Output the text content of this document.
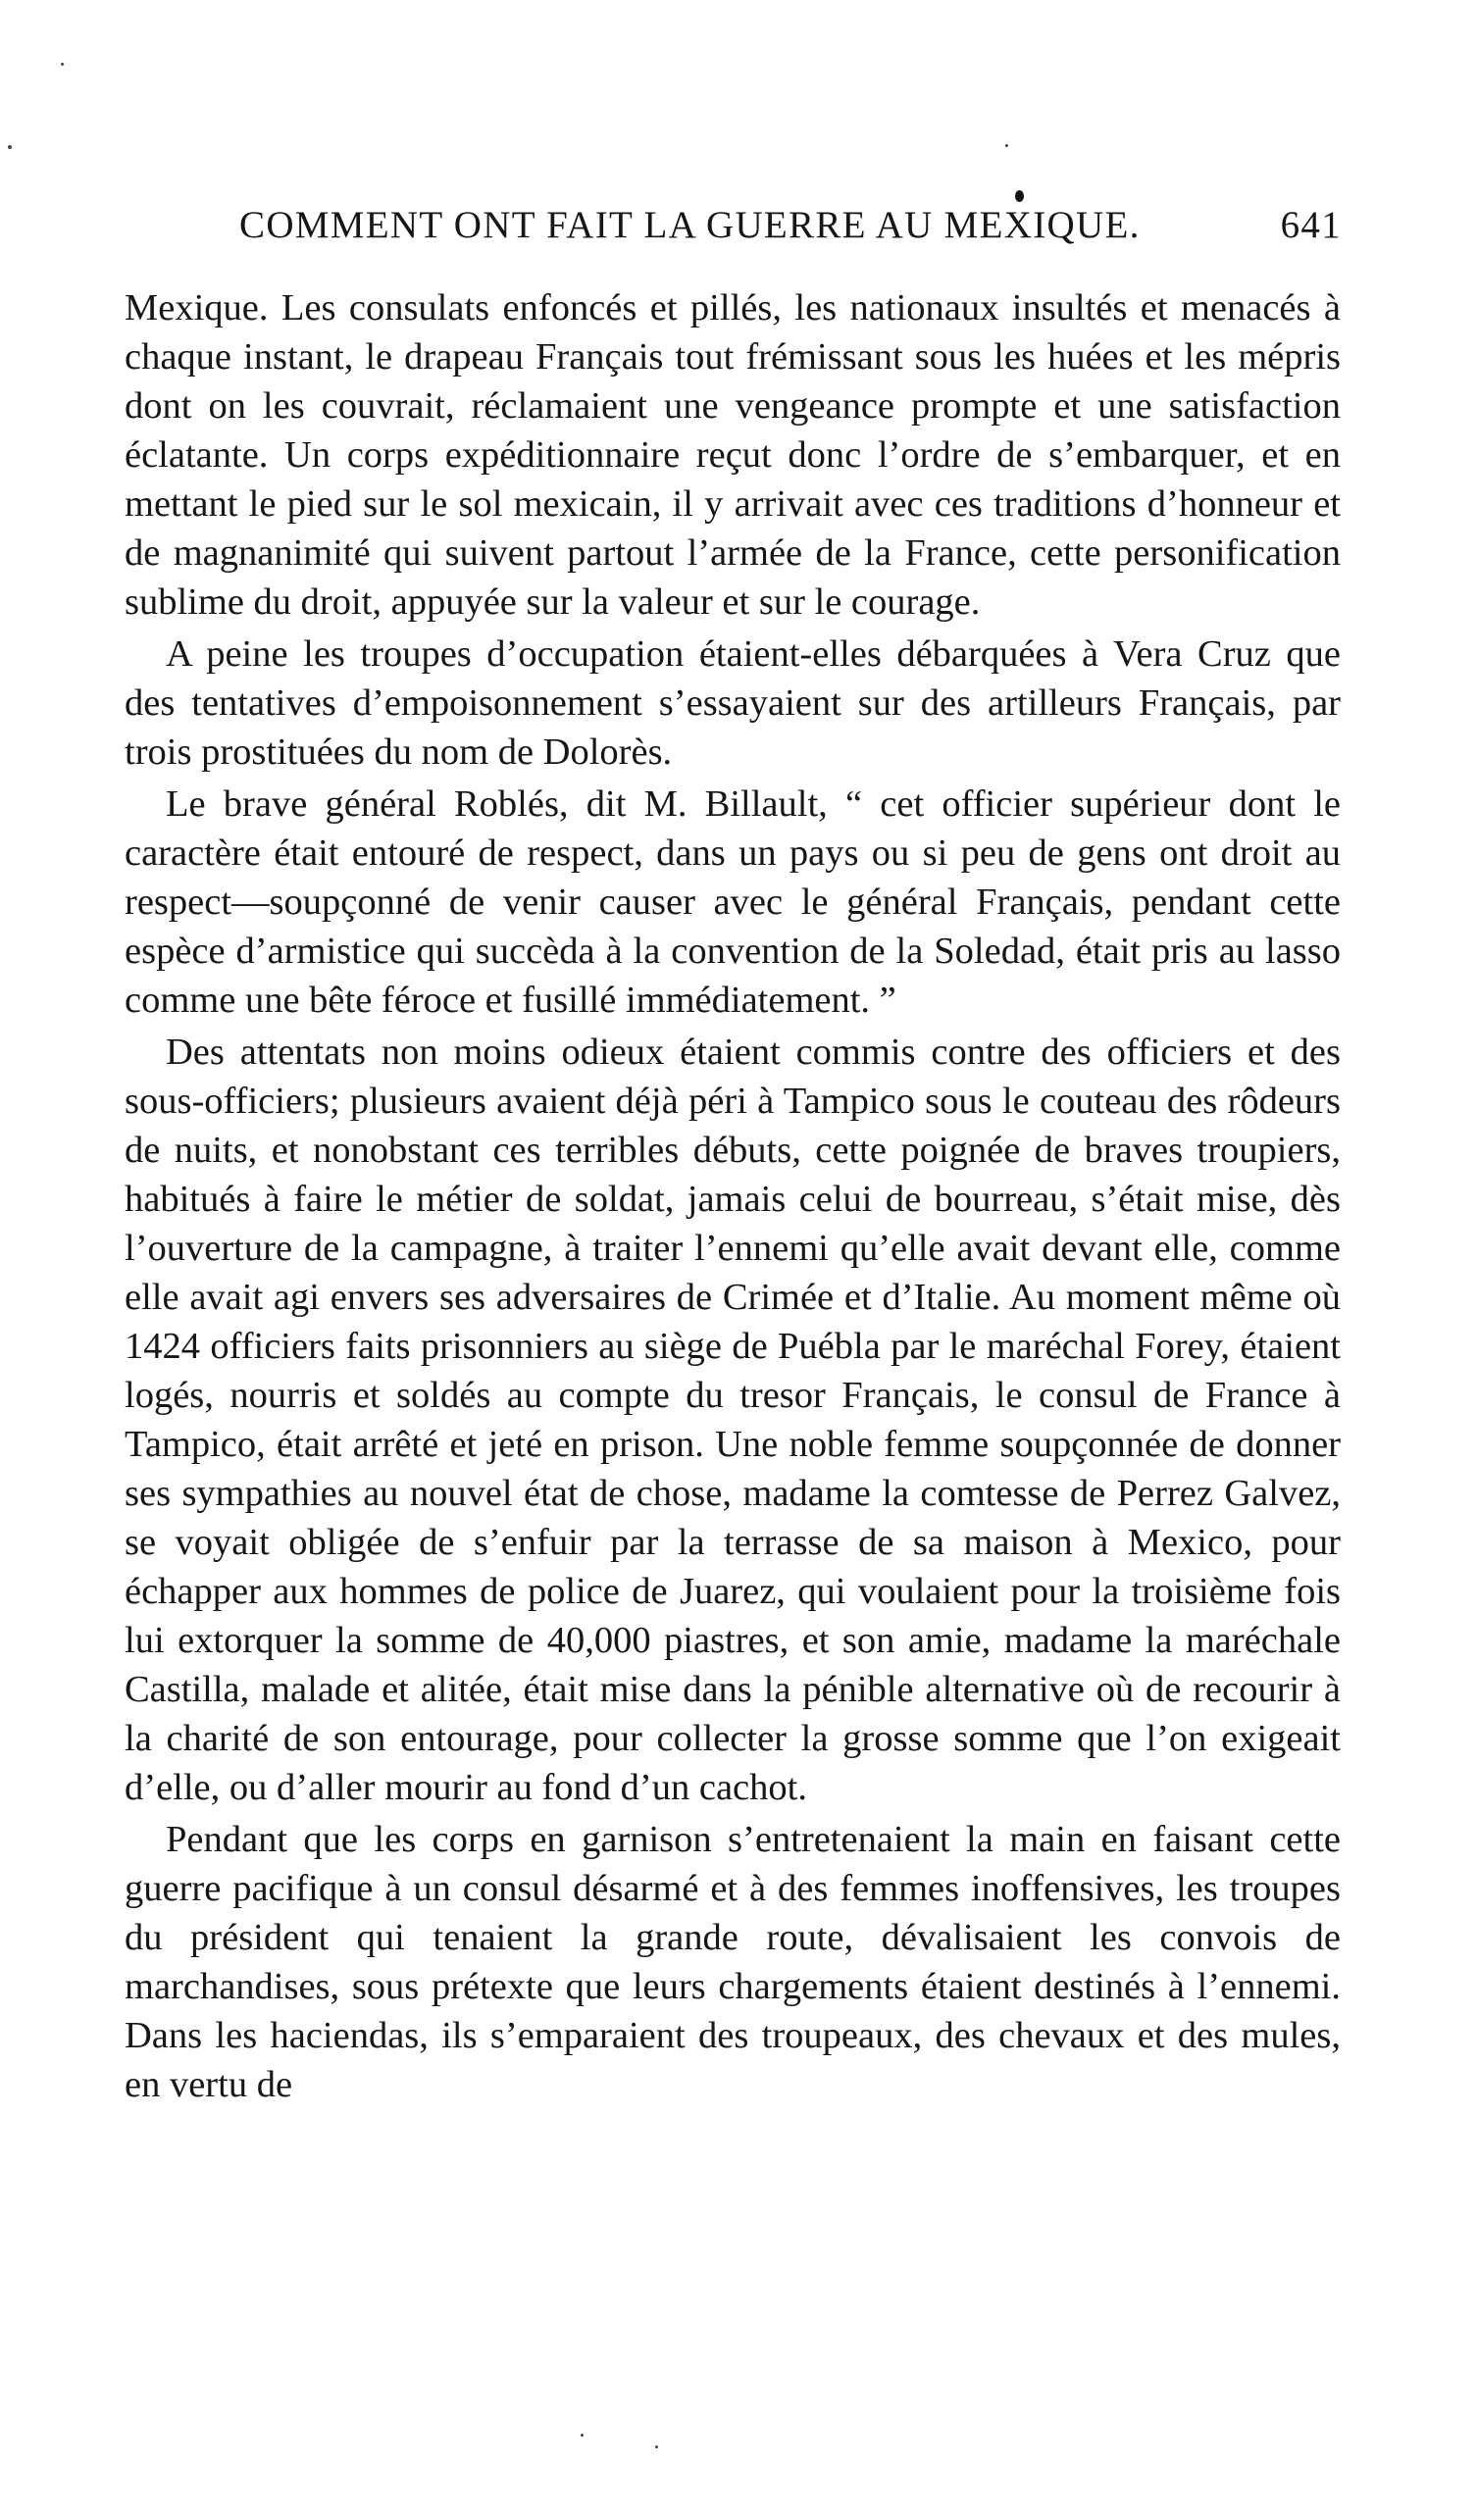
COMMENT ONT FAIT LA GUERRE AU MEXIQUE.	641

Mexique. Les consulats enfoncés et pillés, les nationaux insultés et menacés à chaque instant, le drapeau Français tout frémissant sous les huées et les mépris dont on les couvrait, réclamaient une vengeance prompte et une satisfaction éclatante. Un corps expéditionnaire reçut donc l’ordre de s’embarquer, et en mettant le pied sur le sol mexicain, il y arrivait avec ces traditions d’honneur et de magnanimité qui suivent partout l’armée de la France, cette personification sublime du droit, appuyée sur la valeur et sur le courage.

A peine les troupes d’occupation étaient-elles débarquées à Vera Cruz que des tentatives d’empoisonnement s’essayaient sur des artilleurs Français, par trois prostituées du nom de Dolorès.

Le brave général Roblés, dit M. Billault, “ cet officier supérieur dont le caractère était entouré de respect, dans un pays ou si peu de gens ont droit au respect—soupçonné de venir causer avec le général Français, pendant cette espèce d’armistice qui succèda à la convention de la Soledad, était pris au lasso comme une bête féroce et fusillé immédiatement. ”

Des attentats non moins odieux étaient commis contre des officiers et des sous-officiers; plusieurs avaient déjà péri à Tampico sous le couteau des rôdeurs de nuits, et nonobstant ces terribles débuts, cette poignée de braves troupiers, habitués à faire le métier de soldat, jamais celui de bourreau, s’était mise, dès l’ouverture de la campagne, à traiter l’ennemi qu’elle avait devant elle, comme elle avait agi envers ses adversaires de Crimée et d’Italie. Au moment même où 1424 officiers faits prisonniers au siège de Puébla par le maréchal Forey, étaient logés, nourris et soldés au compte du tresor Français, le consul de France à Tampico, était arrêté et jeté en prison. Une noble femme soupçonnée de donner ses sympathies au nouvel état de chose, madame la comtesse de Perrez Galvez, se voyait obligée de s’enfuir par la terrasse de sa maison à Mexico, pour échapper aux hommes de police de Juarez, qui voulaient pour la troisième fois lui extorquer la somme de 40,000 piastres, et son amie, madame la maréchale Castilla, malade et alitée, était mise dans la pénible alternative où de recourir à la charité de son entourage, pour collecter la grosse somme que l’on exigeait d’elle, ou d’aller mourir au fond d’un cachot.

Pendant que les corps en garnison s’entretenaient la main en faisant cette guerre pacifique à un consul désarmé et à des femmes inoffensives, les troupes du président qui tenaient la grande route, dévalisaient les convois de marchandises, sous prétexte que leurs chargements étaient destinés à l’ennemi. Dans les haciendas, ils s’emparaient des troupeaux, des chevaux et des mules, en vertu de
